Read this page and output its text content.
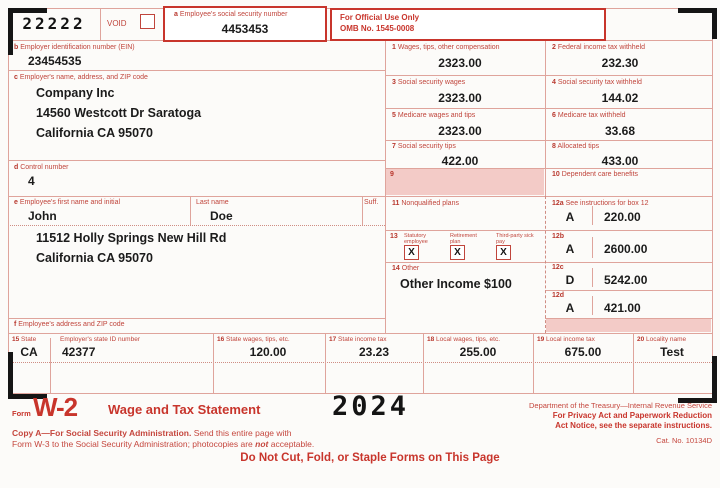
22222	VOID
a Employee's social security number
4453453
For Official Use Only
OMB No. 1545-0008
b Employer identification number (EIN)
23454535
c Employer's name, address, and ZIP code
Company Inc
14560 Westcott Dr Saratoga
California CA 95070
d Control number
4
e Employee's first name and initial	Last name	Suff.
John	Doe
11512 Holly Springs New Hill Rd
California CA 95070
f Employee's address and ZIP code
1 Wages, tips, other compensation
2323.00
2 Federal income tax withheld
232.30
3 Social security wages
2323.00
4 Social security tax withheld
144.02
5 Medicare wages and tips
2323.00
6 Medicare tax withheld
33.68
7 Social security tips
422.00
8 Allocated tips
433.00
9	10 Dependent care benefits
11 Nonqualified plans	12a See instructions for box 12
A	220.00
13 Statutory employee
X
Retirement plan
X
Third-party sick pay
X
12b
A	2600.00
14 Other
Other Income $100
12c
D	5242.00
12d
A	421.00
15 State	Employer's state ID number
CA	42377
16 State wages, tips, etc.
120.00
17 State income tax
23.23
18 Local wages, tips, etc.
255.00
19 Local income tax
675.00
20 Locality name
Test
Form W-2 Wage and Tax Statement	2024	Department of the Treasury—Internal Revenue Service
For Privacy Act and Paperwork Reduction
Act Notice, see the separate instructions.
Cat. No. 10134D
Copy A—For Social Security Administration. Send this entire page with
Form W-3 to the Social Security Administration; photocopies are not acceptable.
Do Not Cut, Fold, or Staple Forms on This Page
